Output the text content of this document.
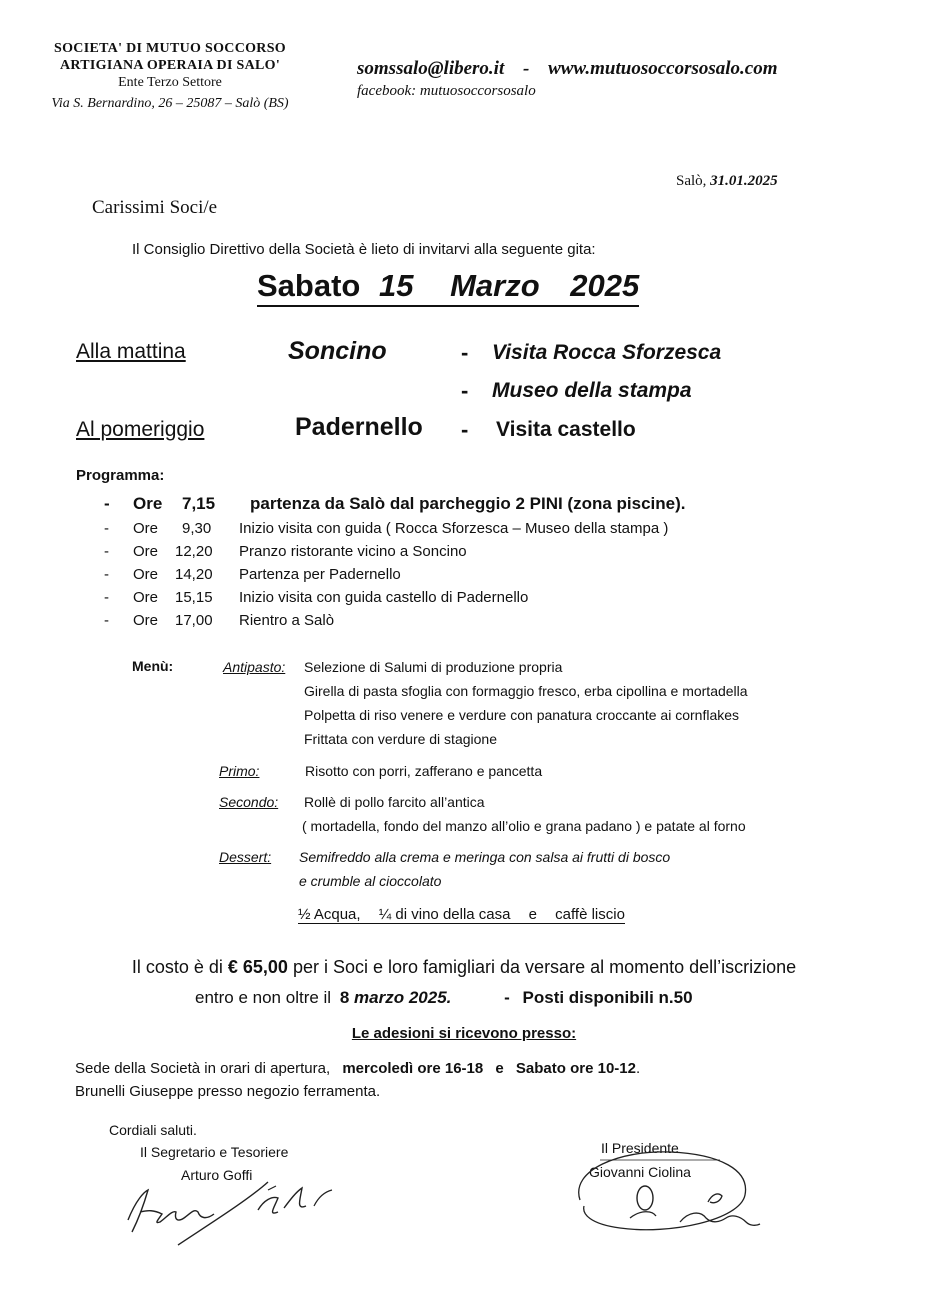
SOCIETA' DI MUTUO SOCCORSO
ARTIGIANA OPERAIA DI SALO'
Ente Terzo Settore
Via S. Bernardino, 26 – 25087 – Salò (BS)
somssalo@libero.it - www.mutuosoccorsosalo.com
facebook: mutuosoccorsosalo
Salò, 31.01.2025
Carissimi Soci/e
Il Consiglio Direttivo della Società è lieto di invitarvi alla seguente gita:
Sabato 15 Marzo 2025
Alla mattina	Soncino	- Visita Rocca Sforzesca
- Museo della stampa
Al pomeriggio	Padernello - Visita castello
Programma:
- Ore 7,15 partenza da Salò dal parcheggio 2 PINI (zona piscine).
- Ore 9,30 Inizio visita con guida ( Rocca Sforzesca – Museo della stampa )
- Ore 12,20 Pranzo ristorante vicino a Soncino
- Ore 14,20 Partenza per Padernello
- Ore 15,15 Inizio visita con guida castello di Padernello
- Ore 17,00 Rientro a Salò
Menù:	Antipasto: Selezione di Salumi di produzione propria
Girella di pasta sfoglia con formaggio fresco, erba cipollina e mortadella
Polpetta di riso venere e verdure con panatura croccante ai cornflakes
Frittata con verdure di stagione
Primo:	Risotto con porri, zafferano e pancetta
Secondo: Rollè di pollo farcito all’antica
( mortadella, fondo del manzo all’olio e grana padano ) e patate al forno
Dessert: Semifreddo alla crema e meringa con salsa ai frutti di bosco
e crumble al cioccolato
½ Acqua, ¼ di vino della casa e caffè liscio
Il costo è di € 65,00 per i Soci e loro famigliari da versare al momento dell’iscrizione
entro e non oltre il 8 marzo 2025.	- Posti disponibili n.50
Le adesioni si ricevono presso:
Sede della Società in orari di apertura, mercoledì ore 16-18 e Sabato ore 10-12.
Brunelli Giuseppe presso negozio ferramenta.
Cordiali saluti.
Il Segretario e Tesoriere
Arturo Goffi
Il Presidente
Giovanni Ciolina
